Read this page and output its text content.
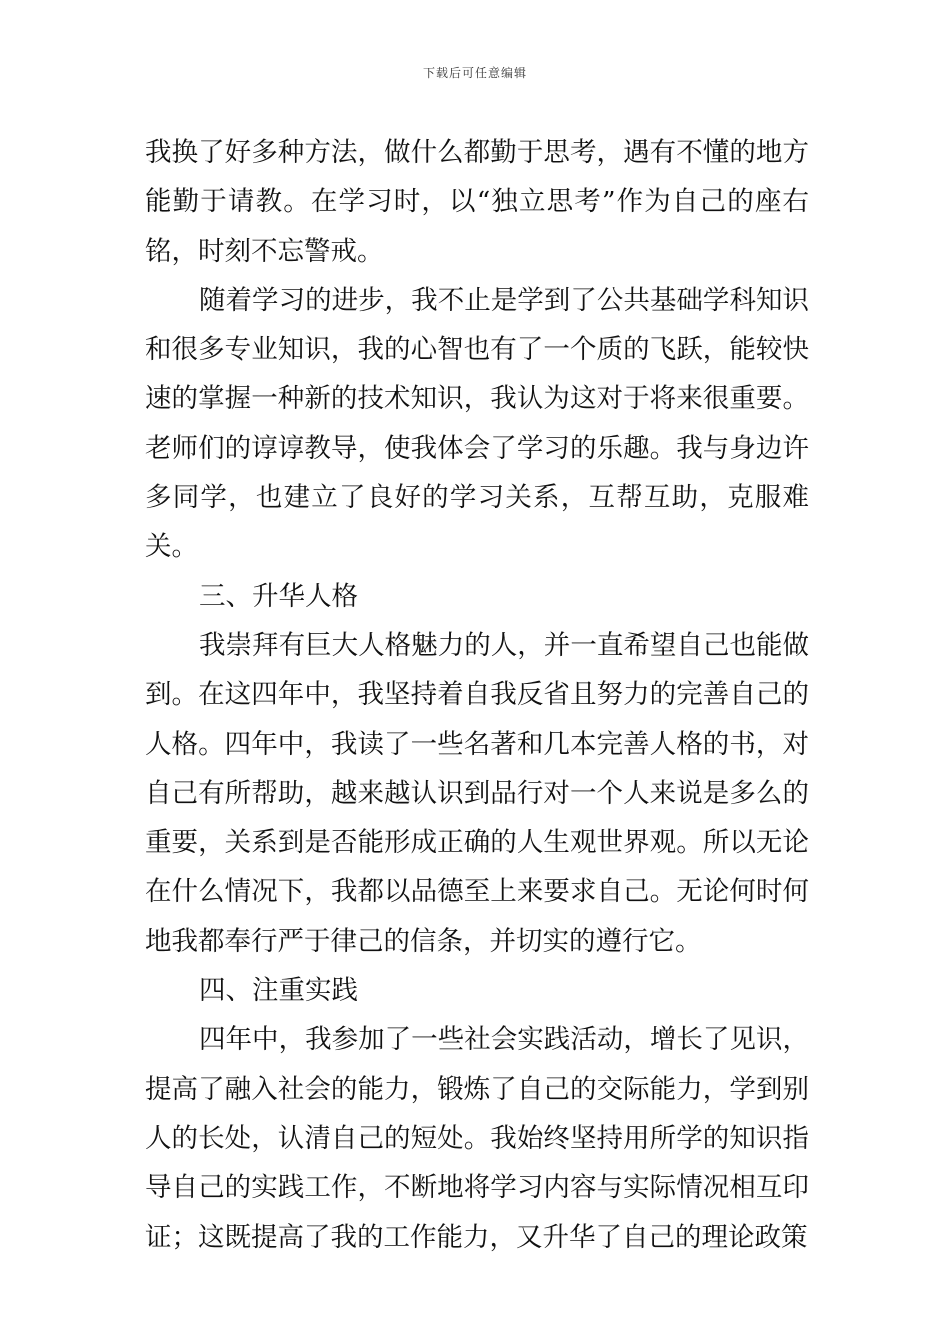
下载后可任意编辑

我换了好多种方法，做什么都勤于思考，遇有不懂的地方能勤于请教。在学习时，以“独立思考”作为自己的座右铭，时刻不忘警戒。

随着学习的进步，我不止是学到了公共基础学科知识和很多专业知识，我的心智也有了一个质的飞跃，能较快速的掌握一种新的技术知识，我认为这对于将来很重要。老师们的谆谆教导，使我体会了学习的乐趣。我与身边许多同学，也建立了良好的学习关系，互帮互助，克服难关。

三、升华人格

我崇拜有巨大人格魅力的人，并一直希望自己也能做到。在这四年中，我坚持着自我反省且努力的完善自己的人格。四年中，我读了一些名著和几本完善人格的书，对自己有所帮助，越来越认识到品行对一个人来说是多么的重要，关系到是否能形成正确的人生观世界观。所以无论在什么情况下，我都以品德至上来要求自己。无论何时何地我都奉行严于律己的信条，并切实的遵行它。

四、注重实践

四年中，我参加了一些社会实践活动，增长了见识，提高了融入社会的能力，锻炼了自己的交际能力，学到别人的长处，认清自己的短处。我始终坚持用所学的知识指导自己的实践工作，不断地将学习内容与实际情况相互印证；这既提高了我的工作能力，又升华了自己的理论政策
